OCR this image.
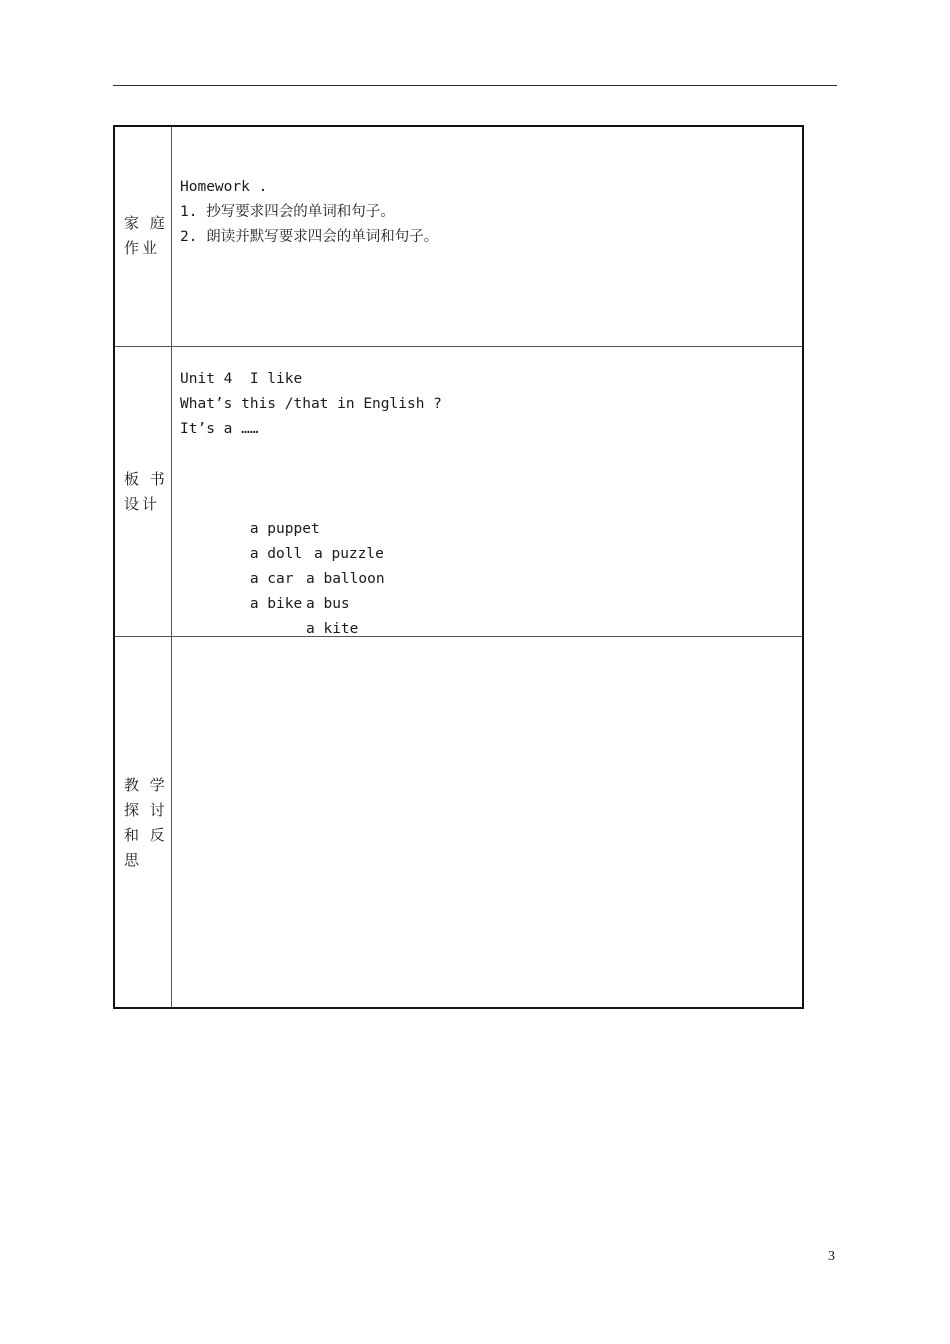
家 庭
作业
Homework .
1. 抄写要求四会的单词和句子。
2. 朗读并默写要求四会的单词和句子。
板 书
设计
Unit 4  I like
What’s this /that in English ?
It’s a ……

a puppet

a puzzle

a doll

a balloon

a car

a bus

a bike

a kite

教 学
探 讨
和 反
思
3
